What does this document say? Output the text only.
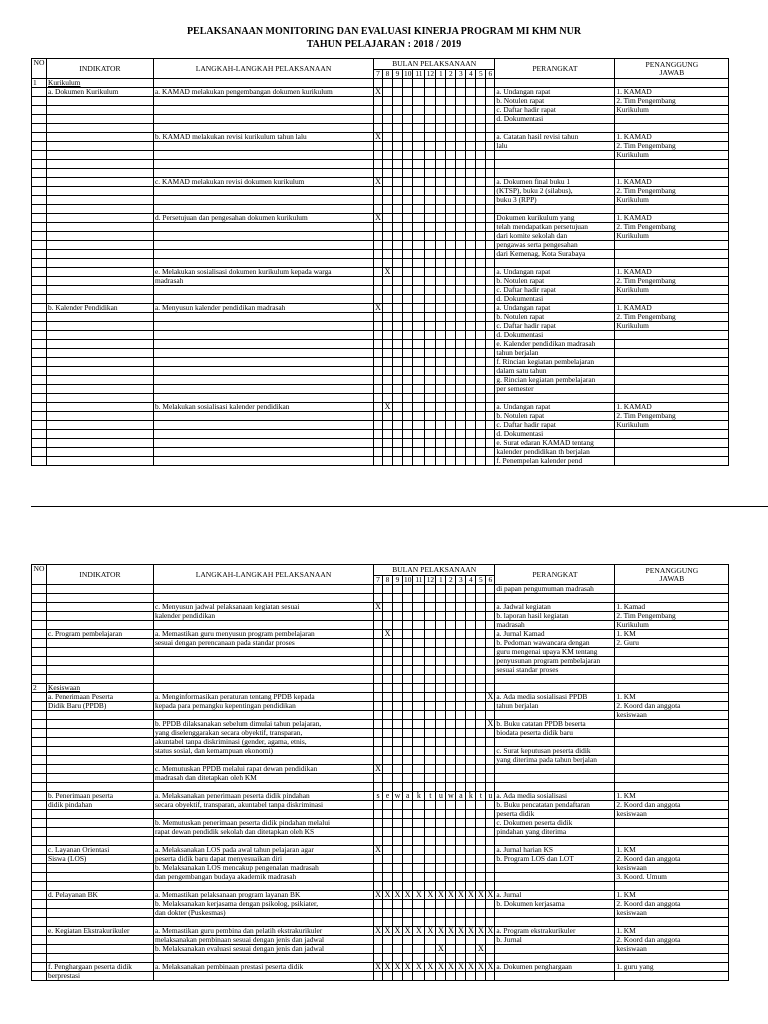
PELAKSANAAN MONITORING DAN EVALUASI KINERJA PROGRAM MI KHM NUR
TAHUN PELAJARAN : 2018 / 2019
NO	INDIKATOR	LANGKAH-LANGKAH PELAKSANAAN	BULAN PELAKSANAAN												PERANGKAT	PENANGGUNG JAWAB
			7	8	9	10	11	12	1	2	3	4	5	6		
1	Kurikulum															
	a. Dokumen Kurikulum	a. KAMAD melakukan pengembangan dokumen kurikulum	X												a. Undangan rapat	1. KAMAD
															b. Notulen rapat	2. Tim Pengembang
															c. Daftar hadir rapat	Kurikulum
															d. Dokumentasi	

		b. KAMAD melakukan revisi kurikulum tahun lalu	X												a. Catatan hasil revisi tahun	1. KAMAD
															lalu	2. Tim Pengembang
																Kurikulum

		c. KAMAD melakukan revisi dokumen kurikulum	X												a. Dokumen final buku 1	1. KAMAD
															(KTSP), buku 2 (silabus),	2. Tim Pengembang
															buku 3 (RPP)	Kurikulum

		d. Persetujuan dan pengesahan dokumen kurikulum	X												Dokumen kurikulum yang	1. KAMAD
															telah mendapatkan persetujuan	2. Tim Pengembang
															dari komite sekolah dan	Kurikulum
															pengawas serta pengesahan	
															dari Kemenag, Kota Surabaya	

		e. Melakukan sosialisasi dokumen kurikulum kepada warga		X											a. Undangan rapat	1. KAMAD
		madrasah													b. Notulen rapat	2. Tim Pengembang
															c. Daftar hadir rapat	Kurikulum
															d. Dokumentasi	
	b. Kalender Pendidikan	a. Menyusun kalender pendidikan madrasah	X												a. Undangan rapat	1. KAMAD
															b. Notulen rapat	2. Tim Pengembang
															c. Daftar hadir rapat	Kurikulum
															d. Dokumentasi	
															e. Kalender pendidikan madrasah	
															tahun berjalan	
															f. Rincian kegiatan pembelajaran	
															dalam satu tahun	
															g. Rincian kegiatan pembelajaran	
															per semester	

		b. Melakukan sosialisasi kalender pendidikan		X											a. Undangan rapat	1. KAMAD
															b. Notulen rapat	2. Tim Pengembang
															c. Daftar hadir rapat	Kurikulum
															d. Dokumentasi	
															e. Surat edaran KAMAD tentang	
															kalender pendidikan th berjalan	
															f. Penempelan kalender pend	
NO	INDIKATOR	LANGKAH-LANGKAH PELAKSANAAN	BULAN PELAKSANAAN												PERANGKAT	PENANGGUNG JAWAB
			7	8	9	10	11	12	1	2	3	4	5	6		
															di papan pengumuman madrasah	

		c. Menyusun jadwal pelaksanaan kegiatan sesuai	X												a. Jadwal kegiatan	1. Kamad
		kalender pendidikan													b. laporan hasil kegiatan	2. Tim Pengembang
															madrasah	Kurikulum
	c. Program pembelajaran	a. Memastikan guru menyusun program pembelajaran		X											a. Jurnal Kamad	1. KM
		sesuai dengan perencanaan pada standar proses													b. Pedoman wawancara dengan	2. Guru
															guru mengenai upaya KM tentang	
															penyusunan program pembelajaran	
															sesuai standar proses	

2	Kesiswaan															
	a. Penerimaan Peserta	a. Menginformasikan peraturan tentang PPDB kepada												X	a. Ada media sosialisasi PPDB	1. KM
	Didik Baru (PPDB)	kepada para pemangku kepentingan pendidikan													tahun berjalan	2. Koord dan anggota
																kesiswaan
		b. PPDB dilaksanakan sebelum dimulai tahun pelajaran,												X	b. Buku catatan PPDB beserta	
		yang diselenggarakan secara obyektif, transparan,													biodata peserta didik baru	
		akuntabel tanpa diskriminasi (gender, agama, etnis,														
		status sosial, dan kemampuan ekonomi)													c. Surat keputusan peserta didik	
															yang diterima pada tahun berjalan	
		c. Memutuskan PPDB melalui rapat dewan pendidikan	X													
		madrasah dan ditetapkan oleh KM														

	b. Penerimaan peserta	a. Melaksanakan penerimaan peserta didik pindahan	s	e	w	a	k	t	u	w	a	k	t	u	a. Ada media sosialisasi	1. KM
	didik pindahan	secara obyektif, transparan, akuntabel tanpa diskriminasi													b. Buku pencatatan pendaftaran	2. Koord dan anggota
															peserta didik	kesiswaan
		b. Memutuskan penerimaan peserta didik pindahan melalui													c. Dokumen peserta didik	
		rapat dewan pendidik sekolah dan ditetapkan oleh KS													pindahan yang diterima	

	c. Layanan Orientasi	a. Melaksanakan LOS pada awal tahun pelajaran agar	X												a. Jurnal harian KS	1. KM
	Siswa (LOS)	peserta didik baru dapat menyesuaikan diri													b. Program LOS dan LOT	2. Koord dan anggota
		b. Melaksanakan LOS mencakup pengenalan madrasah														kesiswaan
		dan pengembangan budaya akademik madrasah														3. Koord. Umum

	d. Pelayanan BK	a. Memastikan pelaksanaan program layanan BK	X	X	X	X	X	X	X	X	X	X	X	X	a. Jurnal	1. KM
		b. Melaksanakan kerjasama dengan psikolog, psikiater,													b. Dokumen kerjasama	2. Koord dan anggota
		dan dokter (Puskesmas)														kesiswaan

	e. Kegiatan Ekstrakurikuler	a. Memastikan guru pembina dan pelatih ekstrakurikuler	X	X	X	X	X	X	X	X	X	X	X	X	a. Program ekstrakurikuler	1. KM
		melaksanakan pembinaan sesuai dengan jenis dan jadwal													b. Jurnal	2. Koord dan anggota
		b. Melaksanakan evaluasi sesuai dengan jenis dan jadwal							X				X			kesiswaan

	f. Penghargaan peserta didik	a. Melaksanakan pembinaan prestasi peserta didik	X	X	X	X	X	X	X	X	X	X	X	X	a. Dokumen penghargaan	1. guru yang
	berprestasi															
